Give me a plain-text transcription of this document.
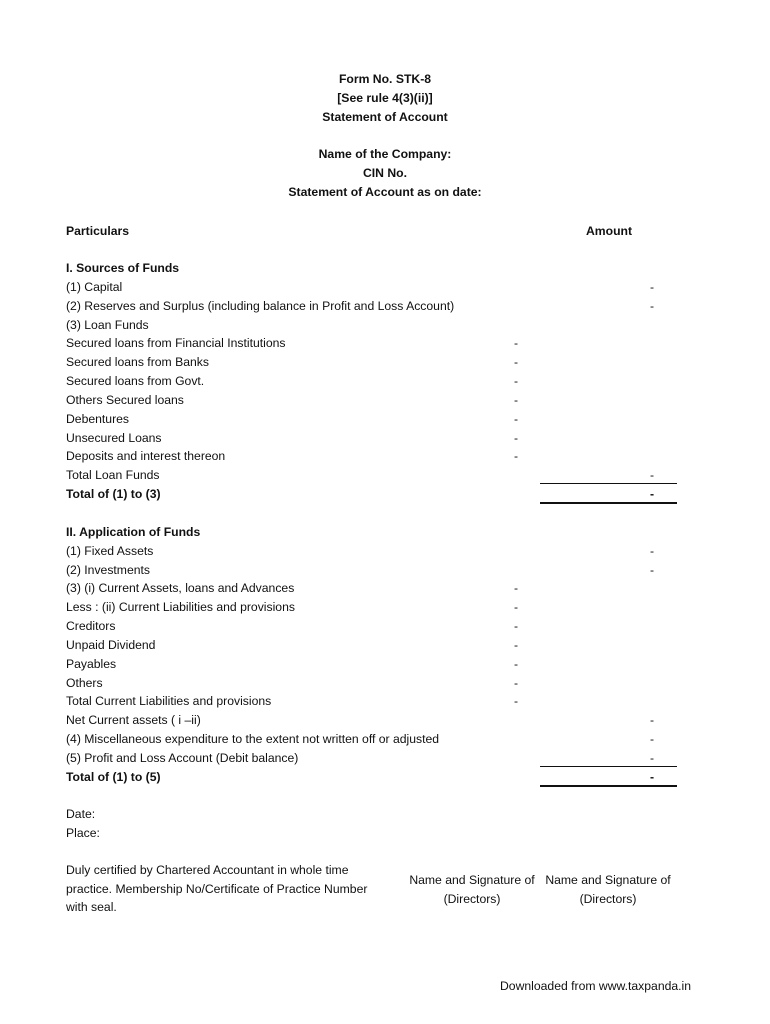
Form No. STK-8
[See rule 4(3)(ii)]
Statement of Account
Name of the Company:
CIN No.
Statement of Account as on date:
Particulars	Amount
I. Sources of Funds
(1) Capital	-
(2) Reserves and Surplus (including balance in Profit and Loss Account)	-
(3) Loan Funds
Secured loans from Financial Institutions	-
Secured loans from Banks	-
Secured loans from Govt.	-
Others Secured loans	-
Debentures	-
Unsecured Loans	-
Deposits and interest thereon	-
Total Loan Funds	-
Total of (1) to (3)	-
II. Application of Funds
(1) Fixed Assets	-
(2) Investments	-
(3) (i) Current Assets, loans and Advances	-
Less : (ii) Current Liabilities and provisions	-
Creditors	-
Unpaid Dividend	-
Payables	-
Others	-
Total Current Liabilities and provisions	-
Net Current assets ( i –ii)	-
(4) Miscellaneous expenditure to the extent not written off or adjusted	-
(5) Profit and Loss Account (Debit balance)	-
Total of (1) to (5)	-
Date:
Place:
Duly certified by Chartered Accountant in whole time
practice. Membership No/Certificate of Practice Number
with seal.
Name and Signature of
(Directors)
Name and Signature of
(Directors)
Downloaded from www.taxpanda.in
